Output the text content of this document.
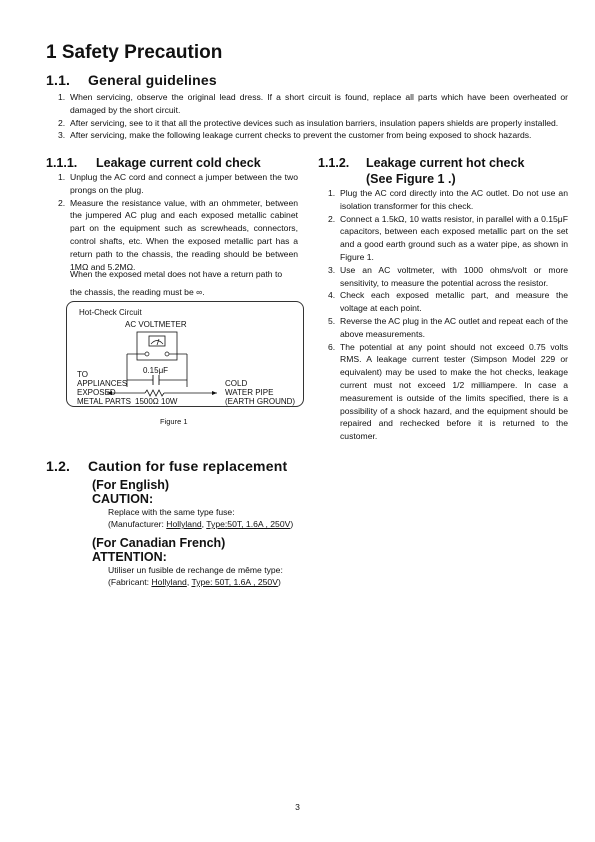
1 Safety Precaution
1.1. General guidelines
1. When servicing, observe the original lead dress. If a short circuit is found, replace all parts which have been overheated or damaged by the short circuit.
2. After servicing, see to it that all the protective devices such as insulation barriers, insulation papers shields are properly installed.
3. After servicing, make the following leakage current checks to prevent the customer from being exposed to shock hazards.
1.1.1. Leakage current cold check
1. Unplug the AC cord and connect a jumper between the two prongs on the plug.
2. Measure the resistance value, with an ohmmeter, between the jumpered AC plug and each exposed metallic cabinet part on the equipment such as screwheads, connectors, control shafts, etc. When the exposed metallic part has a return path to the chassis, the reading should be between 1MΩ and 5.2MΩ.

When the exposed metal does not have a return path to

the chassis, the reading must be ∞.

Hot-Check Circuit
AC VOLTMETER
0.15μF
TO
APPLIANCES
EXPOSED
METAL PARTS 1500Ω 10W
COLD
WATER PIPE
(EARTH GROUND)
Figure 1
1.1.2. Leakage current hot check
(See Figure 1 .)
1. Plug the AC cord directly into the AC outlet. Do not use an isolation transformer for this check.
2. Connect a 1.5kΩ, 10 watts resistor, in parallel with a 0.15μF capacitors, between each exposed metallic part on the set and a good earth ground such as a water pipe, as shown in Figure 1.
3. Use an AC voltmeter, with 1000 ohms/volt or more sensitivity, to measure the potential across the resistor.
4. Check each exposed metallic part, and measure the voltage at each point.
5. Reverse the AC plug in the AC outlet and repeat each of the above measurements.
6. The potential at any point should not exceed 0.75 volts RMS. A leakage current tester (Simpson Model 229 or equivalent) may be used to make the hot checks, leakage current must not exceed 1/2 milliampere. In case a measurement is outside of the limits specified, there is a possibility of a shock hazard, and the equipment should be repaired and rechecked before it is returned to the customer.
1.2. Caution for fuse replacement
(For English)
CAUTION:
Replace with the same type fuse:
(Manufacturer: Hollyland, Type:50T, 1.6A , 250V)
(For Canadian French)
ATTENTION:
Utiliser un fusible de rechange de même type:
(Fabricant: Hollyland, Type: 50T, 1.6A , 250V)
3
